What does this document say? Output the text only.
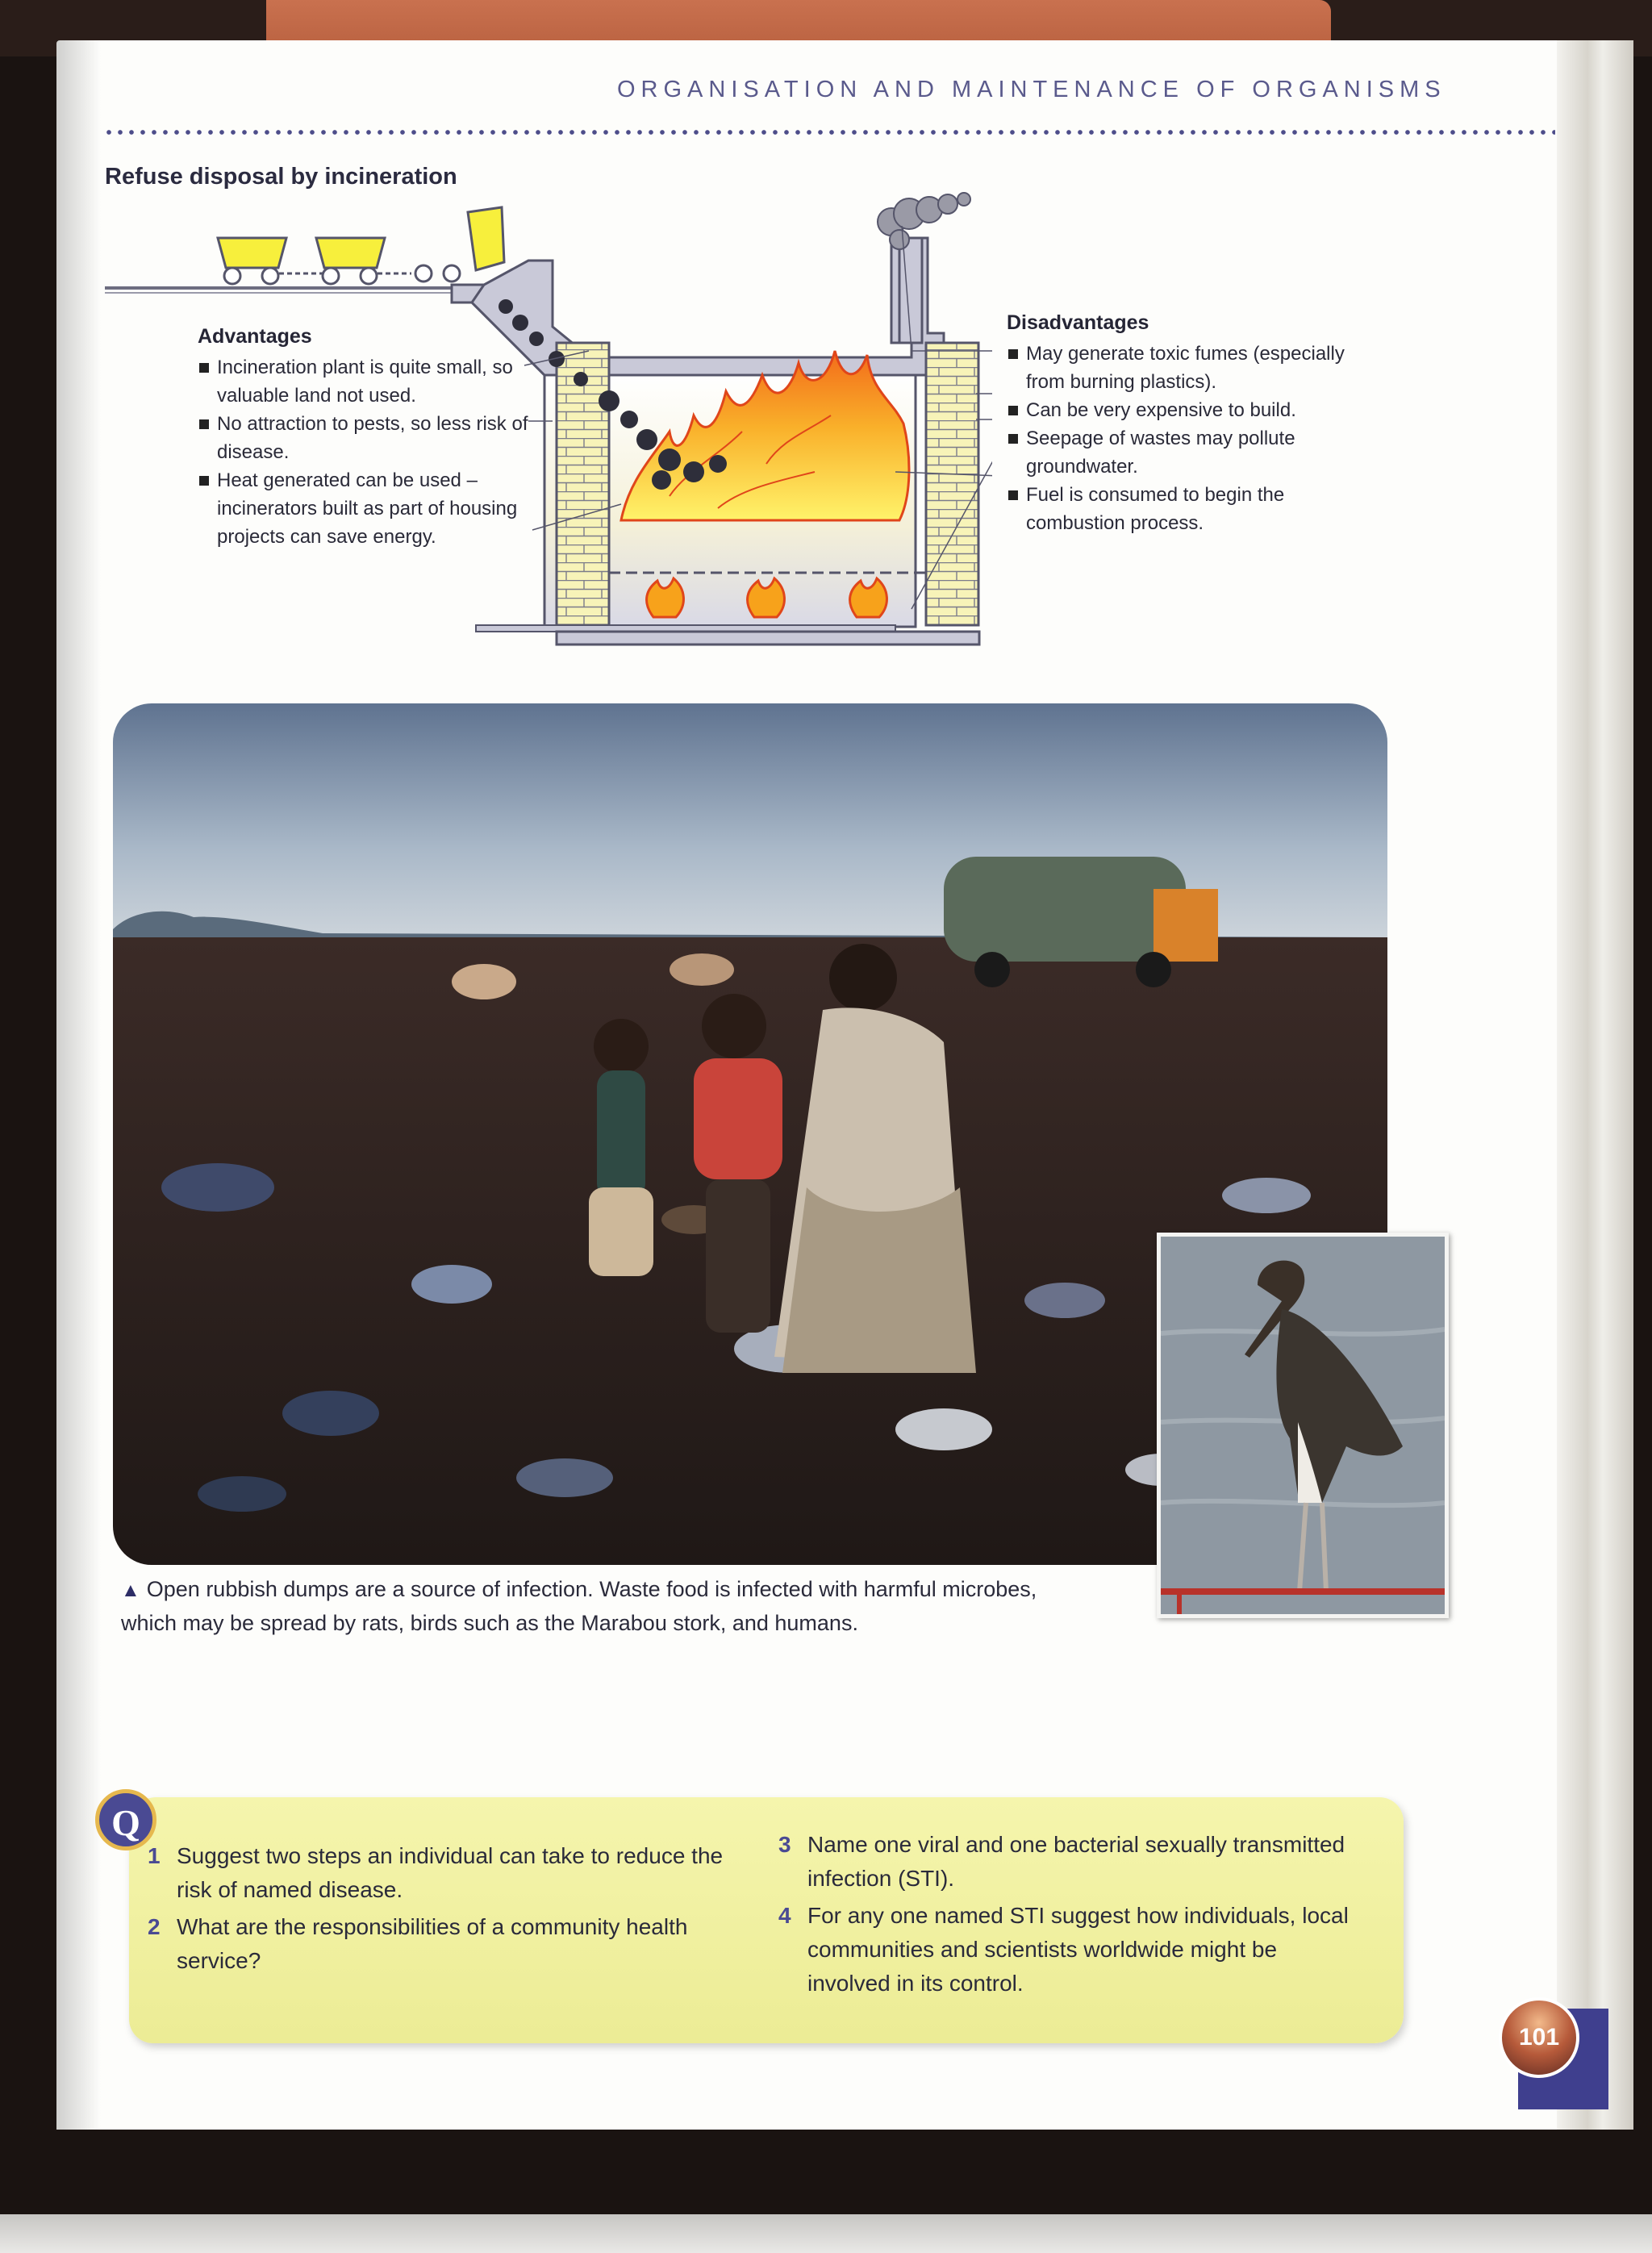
ORGANISATION AND MAINTENANCE OF ORGANISMS
Refuse disposal by incineration
Advantages
Incineration plant is quite small, so valuable land not used.
No attraction to pests, so less risk of disease.
Heat generated can be used – incinerators built as part of housing projects can save energy.
Disadvantages
May generate toxic fumes (especially from burning plastics).
Can be very expensive to build.
Seepage of wastes may pollute groundwater.
Fuel is consumed to begin the combustion process.
▲ Open rubbish dumps are a source of infection. Waste food is infected with harmful microbes, which may be spread by rats, birds such as the Marabou stork, and humans.
Q
1 Suggest two steps an individual can take to reduce the risk of named disease.
2 What are the responsibilities of a community health service?
3 Name one viral and one bacterial sexually transmitted infection (STI).
4 For any one named STI suggest how individuals, local communities and scientists worldwide might be involved in its control.
101
